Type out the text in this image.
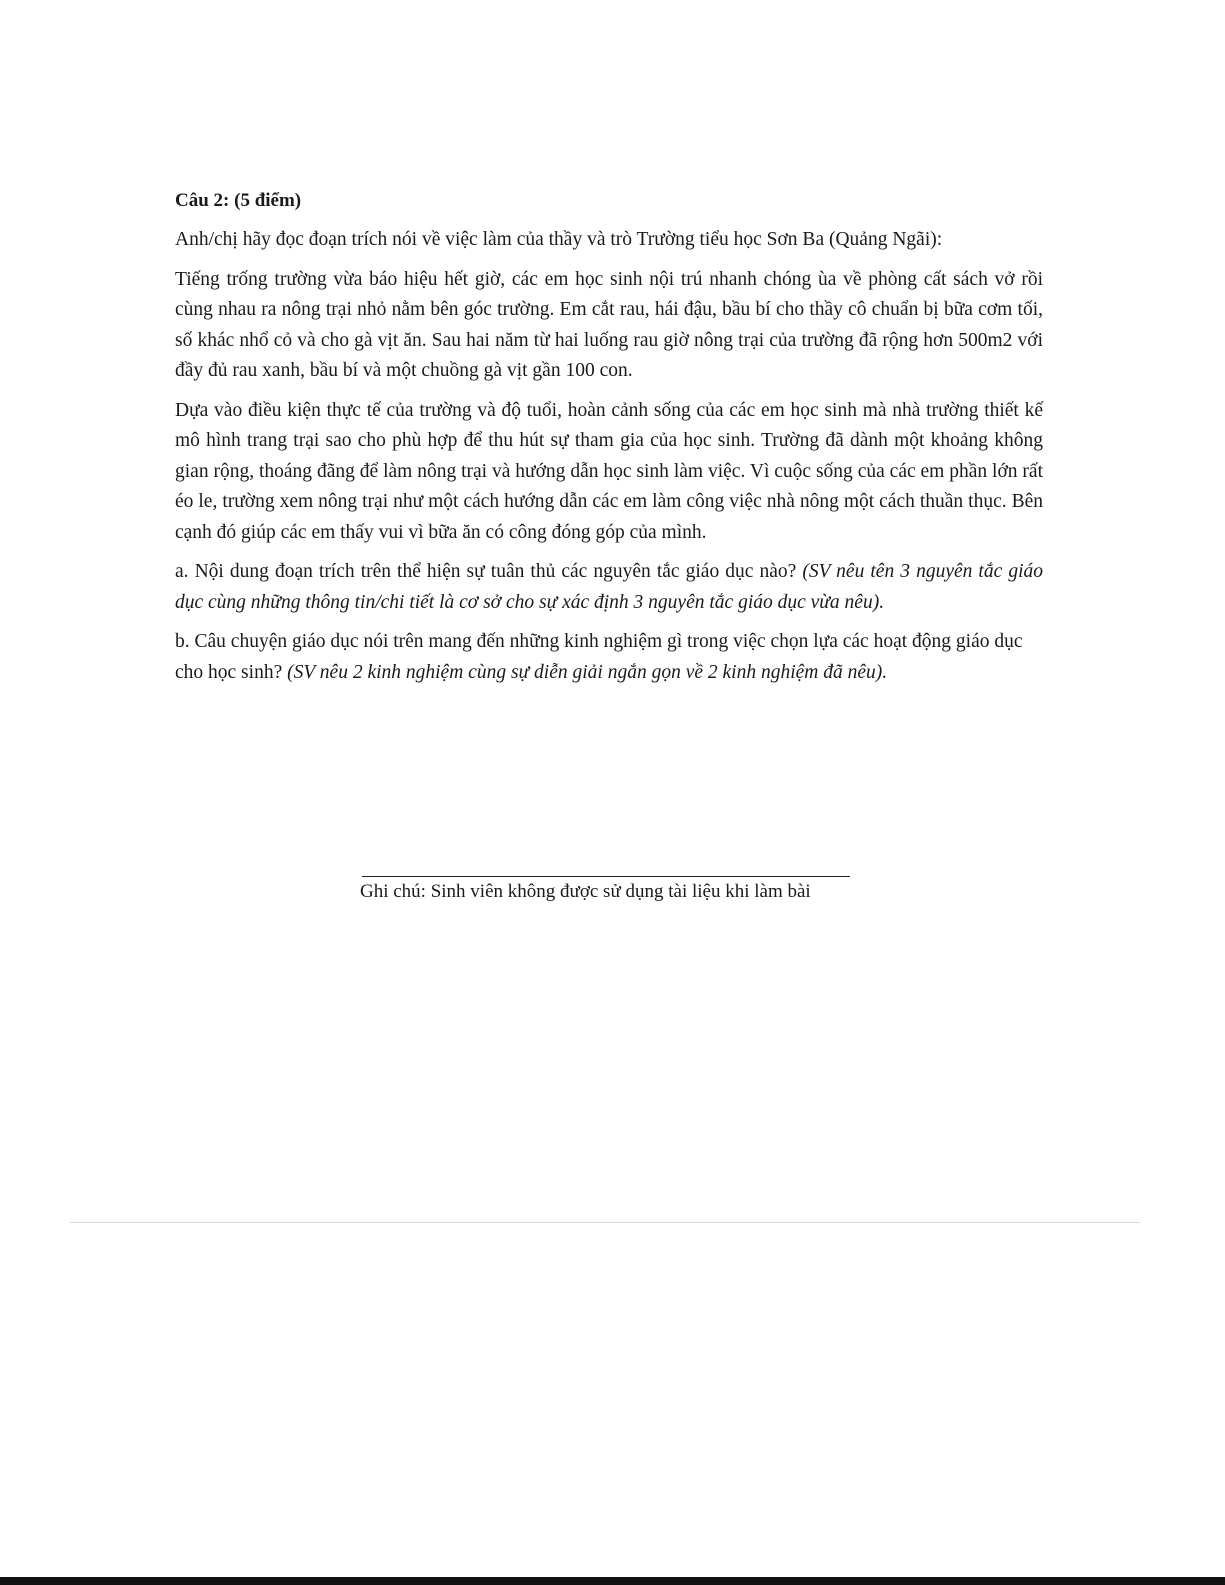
Câu 2: (5 điểm)

Anh/chị hãy đọc đoạn trích nói về việc làm của thầy và trò Trường tiểu học Sơn Ba (Quảng Ngãi):

Tiếng trống trường vừa báo hiệu hết giờ, các em học sinh nội trú nhanh chóng ùa về phòng cất sách vở rồi cùng nhau ra nông trại nhỏ nằm bên góc trường. Em cắt rau, hái đậu, bầu bí cho thầy cô chuẩn bị bữa cơm tối, số khác nhổ cỏ và cho gà vịt ăn. Sau hai năm từ hai luống rau giờ nông trại của trường đã rộng hơn 500m2 với đầy đủ rau xanh, bầu bí và một chuồng gà vịt gần 100 con.

Dựa vào điều kiện thực tế của trường và độ tuổi, hoàn cảnh sống của các em học sinh mà nhà trường thiết kế mô hình trang trại sao cho phù hợp để thu hút sự tham gia của học sinh. Trường đã dành một khoảng không gian rộng, thoáng đãng để làm nông trại và hướng dẫn học sinh làm việc. Vì cuộc sống của các em phần lớn rất éo le, trường xem nông trại như một cách hướng dẫn các em làm công việc nhà nông một cách thuần thục. Bên cạnh đó giúp các em thấy vui vì bữa ăn có công đóng góp của mình.

a. Nội dung đoạn trích trên thể hiện sự tuân thủ các nguyên tắc giáo dục nào? (SV nêu tên 3 nguyên tắc giáo dục cùng những thông tin/chi tiết là cơ sở cho sự xác định 3 nguyên tắc giáo dục vừa nêu).

b. Câu chuyện giáo dục nói trên mang đến những kinh nghiệm gì trong việc chọn lựa các hoạt động giáo dục cho học sinh? (SV nêu 2 kinh nghiệm cùng sự diễn giải ngắn gọn về 2 kinh nghiệm đã nêu).

Ghi chú: Sinh viên không được sử dụng tài liệu khi làm bài
